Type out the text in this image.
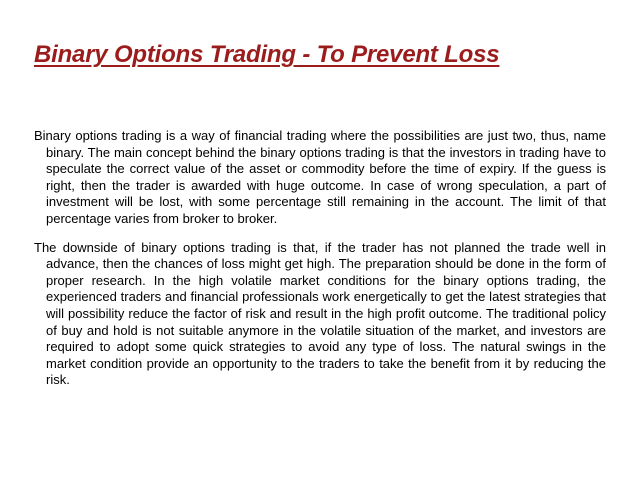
Binary Options Trading - To Prevent Loss

Binary options trading is a way of financial trading where the possibilities are just two, thus, name binary. The main concept behind the binary options trading is that the investors in trading have to speculate the correct value of the asset or commodity before the time of expiry. If the guess is right, then the trader is awarded with huge outcome. In case of wrong speculation, a part of investment will be lost, with some percentage still remaining in the account. The limit of that percentage varies from broker to broker.

The downside of binary options trading is that, if the trader has not planned the trade well in advance, then the chances of loss might get high. The preparation should be done in the form of proper research. In the high volatile market conditions for the binary options trading, the experienced traders and financial professionals work energetically to get the latest strategies that will possibility reduce the factor of risk and result in the high profit outcome. The traditional policy of buy and hold is not suitable anymore in the volatile situation of the market, and investors are required to adopt some quick strategies to avoid any type of loss. The natural swings in the market condition provide an opportunity to the traders to take the benefit from it by reducing the risk.
